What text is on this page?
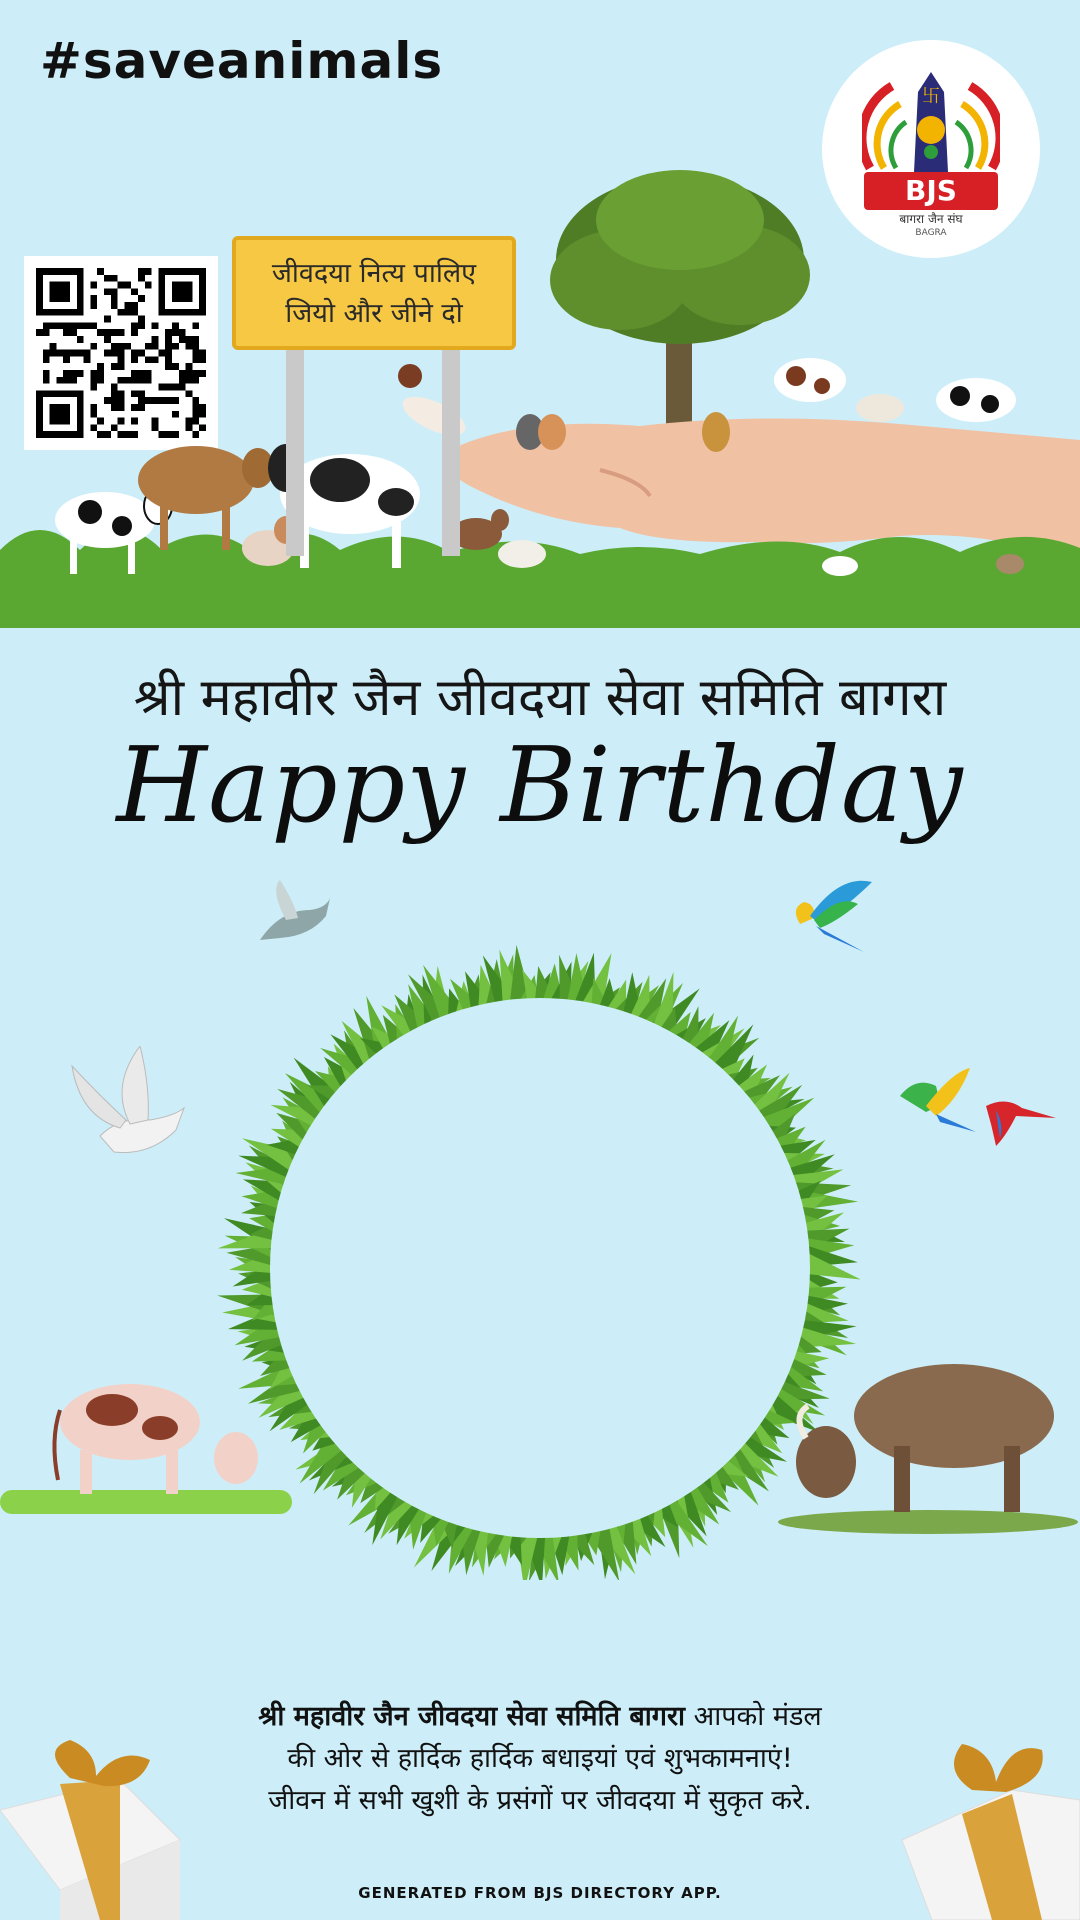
#saveanimals
卐
BJS
बागरा जैन संघ
BAGRA
जीवदया नित्य पालिए
जियो और जीने दो
श्री महावीर जैन जीवदया सेवा समिति बागरा
Happy Birthday
श्री महावीर जैन जीवदया सेवा समिति बागरा आपको मंडल
की ओर से हार्दिक हार्दिक बधाइयां एवं शुभकामनाएं!
जीवन में सभी खुशी के प्रसंगों पर जीवदया में सुकृत करे.
GENERATED FROM BJS DIRECTORY APP.
